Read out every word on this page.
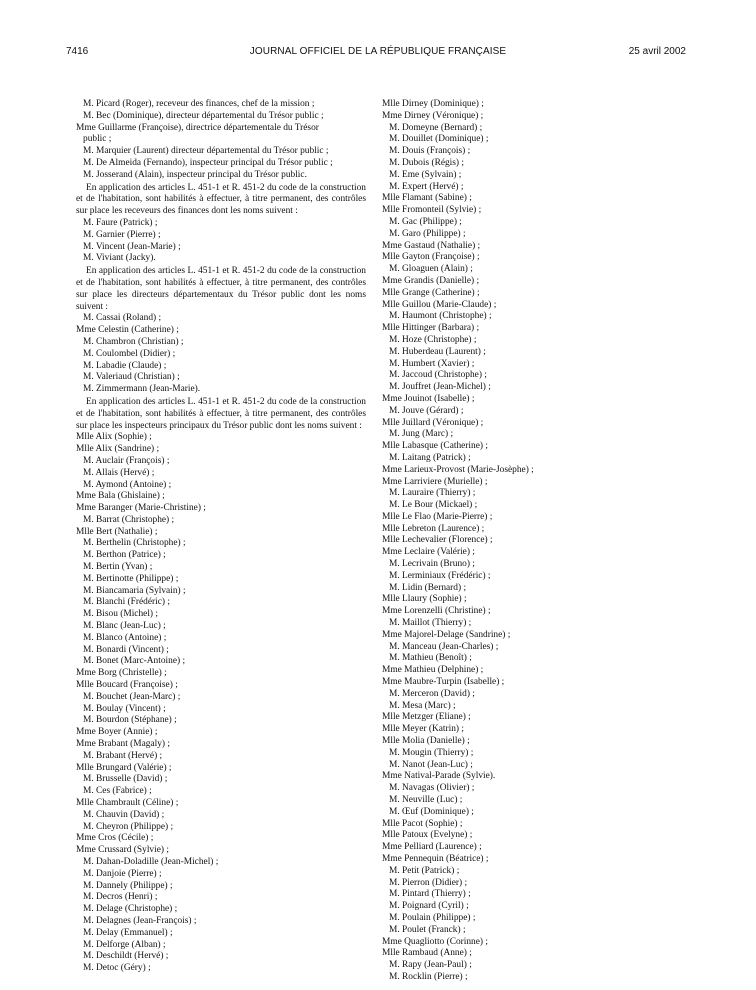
7416	JOURNAL OFFICIEL DE LA RÉPUBLIQUE FRANÇAISE	25 avril 2002
M. Picard (Roger), receveur des finances, chef de la mission ;
M. Bec (Dominique), directeur départemental du Trésor public ;
Mme Guillarme (Françoise), directrice départementale du Trésor
public ;
M. Marquier (Laurent) directeur départemental du Trésor public ;
M. De Almeida (Fernando), inspecteur principal du Trésor public ;
M. Josserand (Alain), inspecteur principal du Trésor public.
En application des articles L. 451-1 et R. 451-2 du code de la construction et de l'habitation, sont habilités à effectuer, à titre permanent, des contrôles sur place les receveurs des finances dont les noms suivent :
M. Faure (Patrick) ;
M. Garnier (Pierre) ;
M. Vincent (Jean-Marie) ;
M. Viviant (Jacky).
En application des articles L. 451-1 et R. 451-2 du code de la construction et de l'habitation, sont habilités à effectuer, à titre permanent, des contrôles sur place les directeurs départementaux du Trésor public dont les noms suivent :
M. Cassai (Roland) ;
Mme Celestin (Catherine) ;
M. Chambron (Christian) ;
M. Coulombel (Didier) ;
M. Labadie (Claude) ;
M. Valeriaud (Christian) ;
M. Zimmermann (Jean-Marie).
En application des articles L. 451-1 et R. 451-2 du code de la construction et de l'habitation, sont habilités à effectuer, à titre permanent, des contrôles sur place les inspecteurs principaux du Trésor public dont les noms suivent :
Mlle Alix (Sophie) ;
Mlle Alix (Sandrine) ;
M. Auclair (François) ;
M. Allais (Hervé) ;
M. Aymond (Antoine) ;
Mme Bala (Ghislaine) ;
Mme Baranger (Marie-Christine) ;
M. Barrat (Christophe) ;
Mlle Bert (Nathalie) ;
M. Berthelin (Christophe) ;
M. Berthon (Patrice) ;
M. Bertin (Yvan) ;
M. Bertinotte (Philippe) ;
M. Biancamaria (Sylvain) ;
M. Blanchi (Frédéric) ;
M. Bisou (Michel) ;
M. Blanc (Jean-Luc) ;
M. Blanco (Antoine) ;
M. Bonardi (Vincent) ;
M. Bonet (Marc-Antoine) ;
Mme Borg (Christelle) ;
Mlle Boucard (Françoise) ;
M. Bouchet (Jean-Marc) ;
M. Boulay (Vincent) ;
M. Bourdon (Stéphane) ;
Mme Boyer (Annie) ;
Mme Brabant (Magaly) ;
M. Brabant (Hervé) ;
Mlle Brungard (Valérie) ;
M. Brusselle (David) ;
M. Ces (Fabrice) ;
Mlle Chambrault (Céline) ;
M. Chauvin (David) ;
M. Cheyron (Philippe) ;
Mme Cros (Cécile) ;
Mme Crussard (Sylvie) ;
M. Dahan-Doladille (Jean-Michel) ;
M. Danjoie (Pierre) ;
M. Dannely (Philippe) ;
M. Decros (Henri) ;
M. Delage (Christophe) ;
M. Delagnes (Jean-François) ;
M. Delay (Emmanuel) ;
M. Delforge (Alban) ;
M. Deschildt (Hervé) ;
M. Detoc (Géry) ;
Mlle Dirney (Dominique) ;
Mme Dirney (Véronique) ;
M. Domeyne (Bernard) ;
M. Douillet (Dominique) ;
M. Douis (François) ;
M. Dubois (Régis) ;
M. Eme (Sylvain) ;
M. Expert (Hervé) ;
Mlle Flamant (Sabine) ;
Mlle Fromonteil (Sylvie) ;
M. Gac (Philippe) ;
M. Garo (Philippe) ;
Mme Gastaud (Nathalie) ;
Mlle Gayton (Françoise) ;
M. Gloaguen (Alain) ;
Mme Grandis (Danielle) ;
Mlle Grange (Catherine) ;
Mlle Guillou (Marie-Claude) ;
M. Haumont (Christophe) ;
Mlle Hittinger (Barbara) ;
M. Hoze (Christophe) ;
M. Huberdeau (Laurent) ;
M. Humbert (Xavier) ;
M. Jaccoud (Christophe) ;
M. Jouffret (Jean-Michel) ;
Mme Jouinot (Isabelle) ;
M. Jouve (Gérard) ;
Mlle Juillard (Véronique) ;
M. Jung (Marc) ;
Mlle Labasque (Catherine) ;
M. Laitang (Patrick) ;
Mme Larieux-Provost (Marie-Josèphe) ;
Mme Larriviere (Murielle) ;
M. Lauraire (Thierry) ;
M. Le Bour (Mickael) ;
Mlle Le Flao (Marie-Pierre) ;
Mlle Lebreton (Laurence) ;
Mlle Lechevalier (Florence) ;
Mme Leclaire (Valérie) ;
M. Lecrivain (Bruno) ;
M. Lerminiaux (Frédéric) ;
M. Lidin (Bernard) ;
Mlle Llaury (Sophie) ;
Mme Lorenzelli (Christine) ;
M. Maillot (Thierry) ;
Mme Majorel-Delage (Sandrine) ;
M. Manceau (Jean-Charles) ;
M. Mathieu (Benoît) ;
Mme Mathieu (Delphine) ;
Mme Maubre-Turpin (Isabelle) ;
M. Merceron (David) ;
M. Mesa (Marc) ;
Mlle Metzger (Eliane) ;
Mlle Meyer (Katrin) ;
Mlle Molia (Danielle) ;
M. Mougin (Thierry) ;
M. Nanot (Jean-Luc) ;
Mme Natival-Parade (Sylvie).
M. Navagas (Olivier) ;
M. Neuville (Luc) ;
M. Œuf (Dominique) ;
Mlle Pacot (Sophie) ;
Mlle Patoux (Evelyne) ;
Mme Pelliard (Laurence) ;
Mme Pennequin (Béatrice) ;
M. Petit (Patrick) ;
M. Pierron (Didier) ;
M. Pintard (Thierry) ;
M. Poignard (Cyril) ;
M. Poulain (Philippe) ;
M. Poulet (Franck) ;
Mme Quagliotto (Corinne) ;
Mlle Rambaud (Anne) ;
M. Rapy (Jean-Paul) ;
M. Rocklin (Pierre) ;
